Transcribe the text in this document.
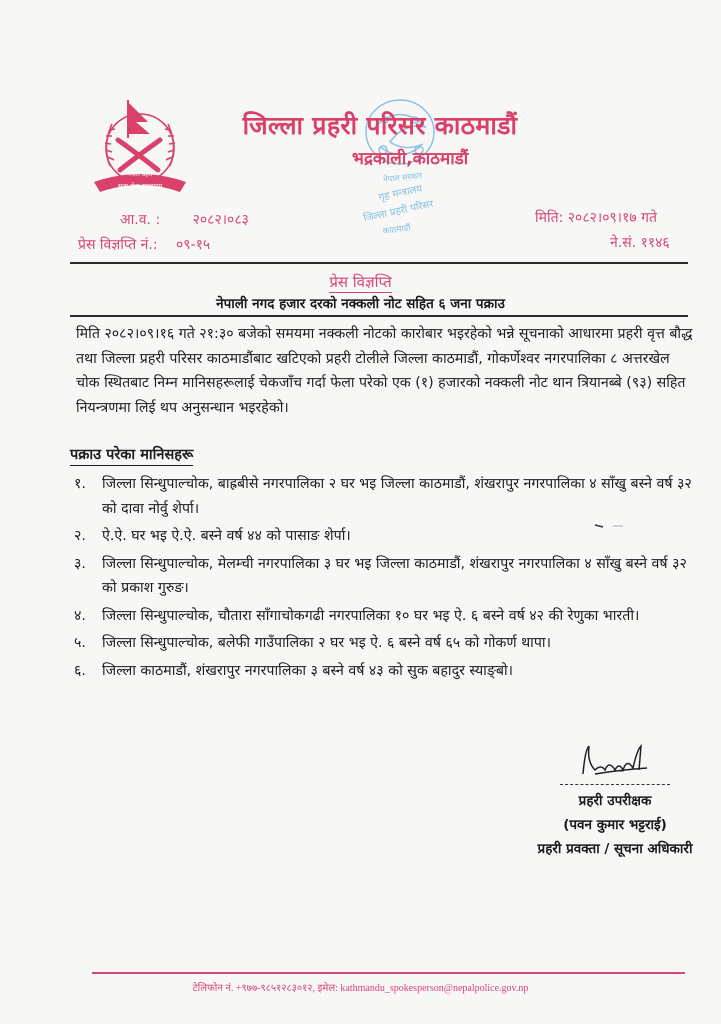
नेपाल प्रहरी
सत्य सेवा सुरक्षणम्
नेपाल सरकार
गृह मन्त्रालय
जिल्ला प्रहरी परिसर
काठमाडौं
जिल्ला प्रहरी परिसर काठमाडौं
भद्रकाली,काठमाडौं
आ.व. : २०८२।०८३
प्रेस विज्ञप्ति नं.: ०९-१५
मिति: २०८२।०९।१७ गते
ने.सं. ११४६
प्रेस विज्ञप्ति
नेपाली नगद हजार दरको नक्कली नोट सहित ६ जना पक्राउ
मिति २०८२।०९।१६ गते २१:३० बजेको समयमा नक्कली नोटको कारोबार भइरहेको भन्ने सूचनाको आधारमा प्रहरी वृत्त बौद्ध तथा जिल्ला प्रहरी परिसर काठमाडौंबाट खटिएको प्रहरी टोलीले जिल्ला काठमाडौं, गोकर्णेश्वर नगरपालिका ८ अत्तरखेल चोक स्थितबाट निम्न मानिसहरूलाई चेकजाँच गर्दा फेला परेको एक (१) हजारको नक्कली नोट थान त्रियानब्बे (९३) सहित नियन्त्रणमा लिई थप अनुसन्धान भइरहेको।
पक्राउ परेका मानिसहरू
१. जिल्ला सिन्धुपाल्चोक, बाह्रबीसे नगरपालिका २ घर भइ जिल्ला काठमाडौं, शंखरापुर नगरपालिका ४ साँखु बस्ने वर्ष ३२ को दावा नोर्वु शेर्पा।
२. ऐ.ऐ. घर भइ ऐ.ऐ. बस्ने वर्ष ४४ को पासाङ शेर्पा।
३. जिल्ला सिन्धुपाल्चोक, मेलम्ची नगरपालिका ३ घर भइ जिल्ला काठमाडौं, शंखरापुर नगरपालिका ४ साँखु बस्ने वर्ष ३२ को प्रकाश गुरुङ।
४. जिल्ला सिन्धुपाल्चोक, चौतारा साँगाचोकगढी नगरपालिका १० घर भइ ऐ. ६ बस्ने वर्ष ४२ की रेणुका भारती।
५. जिल्ला सिन्धुपाल्चोक, बलेफी गाउँपालिका २ घर भइ ऐ. ६ बस्ने वर्ष ६५ को गोकर्ण थापा।
६. जिल्ला काठमाडौं, शंखरापुर नगरपालिका ३ बस्ने वर्ष ४३ को सुक बहादुर स्याङ्बो।
प्रहरी उपरीक्षक
(पवन कुमार भट्टराई)
प्रहरी प्रवक्ता / सूचना अधिकारी
टेलिफोन नं. +९७७-९८५१२८३०१२, इमेल: kathmandu_spokesperson@nepalpolice.gov.np
